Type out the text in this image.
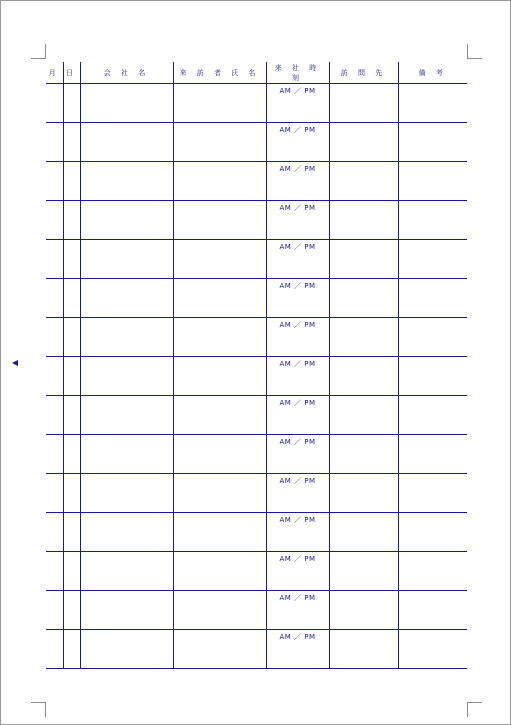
月	日	会 社 名	来 訪 者 氏 名	来 社 時 刻	訪 問 先	備 考

				AM ／ PM		

				AM ／ PM		

				AM ／ PM		

				AM ／ PM		

				AM ／ PM		

				AM ／ PM		

				AM ／ PM		

				AM ／ PM		

				AM ／ PM		

				AM ／ PM		

				AM ／ PM		

				AM ／ PM		

				AM ／ PM		

				AM ／ PM		

				AM ／ PM		
